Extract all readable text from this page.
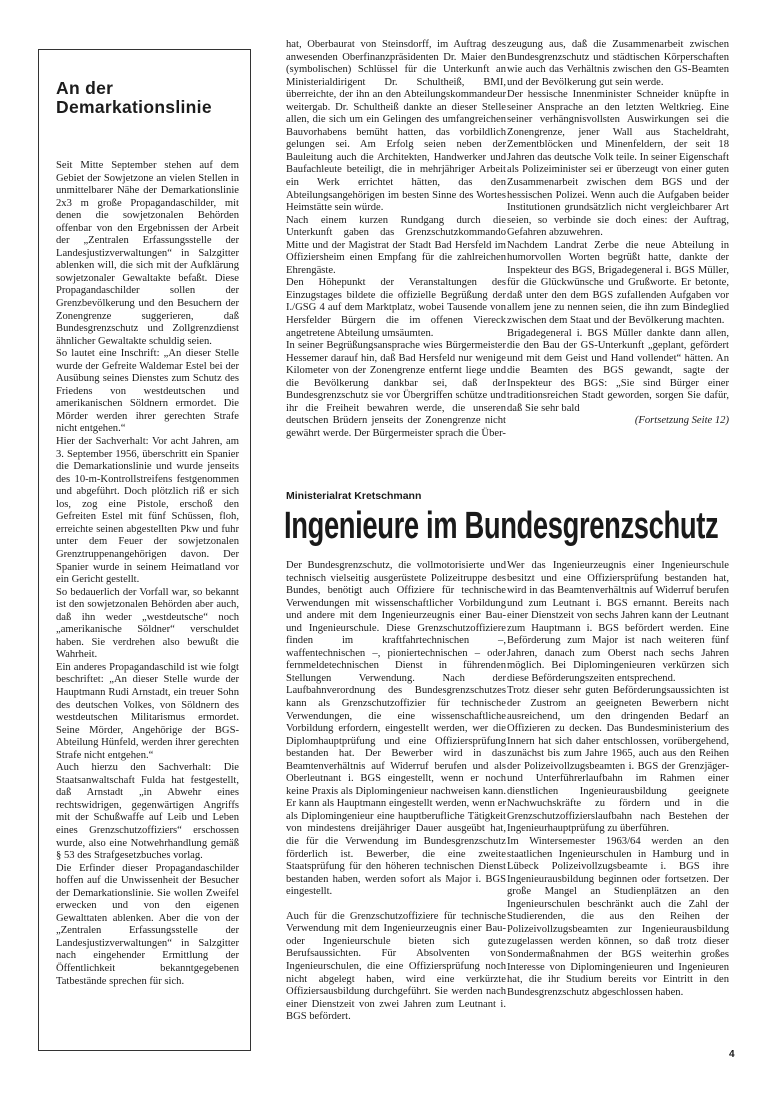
An der
Demarkationslinie

Seit Mitte September stehen auf dem Gebiet der Sowjetzone an vielen Stellen in unmittelbarer Nähe der Demarkationslinie 2x3 m große Propagandaschilder, mit denen die sowjetzonalen Behörden offenbar von den Ergebnissen der Arbeit der „Zentralen Erfassungsstelle der Landesjustizverwaltungen“ in Salzgitter ablenken will, die sich mit der Aufklärung sowjetzonaler Gewaltakte befaßt. Diese Propagandaschilder sollen der Grenzbevölkerung und den Besuchern der Zonengrenze suggerieren, daß Bundesgrenzschutz und Zollgrenzdienst ähnlicher Gewaltakte schuldig seien.

So lautet eine Inschrift: „An dieser Stelle wurde der Gefreite Waldemar Estel bei der Ausübung seines Dienstes zum Schutz des Friedens von westdeutschen und amerikanischen Söldnern ermordet. Die Mörder werden ihrer gerechten Strafe nicht entgehen.“

Hier der Sachverhalt: Vor acht Jahren, am 3. September 1956, überschritt ein Spanier die Demarkationslinie und wurde jenseits des 10-m-Kontrollstreifens festgenommen und abgeführt. Doch plötzlich riß er sich los, zog eine Pistole, erschoß den Gefreiten Estel mit fünf Schüssen, floh, erreichte seinen abgestellten Pkw und fuhr unter dem Feuer der sowjetzonalen Grenztruppenangehörigen davon. Der Spanier wurde in seinem Heimatland vor ein Gericht gestellt.

So bedauerlich der Vorfall war, so bekannt ist den sowjetzonalen Behörden aber auch, daß ihn weder „westdeutsche“ noch „amerikanische Söldner“ verschuldet haben. Sie verdrehen also bewußt die Wahrheit.

Ein anderes Propagandaschild ist wie folgt beschriftet: „An dieser Stelle wurde der Hauptmann Rudi Arnstadt, ein treuer Sohn des deutschen Volkes, von Söldnern des westdeutschen Militarismus ermordet. Seine Mörder, Angehörige der BGS-Abteilung Hünfeld, werden ihrer gerechten Strafe nicht entgehen.“

Auch hierzu den Sachverhalt: Die Staatsanwaltschaft Fulda hat festgestellt, daß Arnstadt „in Abwehr eines rechtswidrigen, gegenwärtigen Angriffs mit der Schußwaffe auf Leib und Leben eines Grenzschutzoffiziers“ erschossen wurde, also eine Notwehrhandlung gemäß § 53 des Strafgesetzbuches vorlag.

Die Erfinder dieser Propagandaschilder hoffen auf die Unwissenheit der Besucher der Demarkationslinie. Sie wollen Zweifel erwecken und von den eigenen Gewalttaten ablenken. Aber die von der „Zentralen Erfassungsstelle der Landesjustizverwaltungen“ in Salzgitter nach eingehender Ermittlung der Öffentlichkeit bekanntgegebenen Tatbestände sprechen für sich.

hat, Oberbaurat von Steinsdorff, im Auftrag des anwesenden Oberfinanzpräsidenten Dr. Maier den (symbolischen) Schlüssel für die Unterkunft an Ministerialdirigent Dr. Schultheiß, BMI, überreichte, der ihn an den Abteilungskommandeur weitergab. Dr. Schultheiß dankte an dieser Stelle allen, die sich um ein Gelingen des umfangreichen Bauvorhabens bemüht hatten, das vorbildlich gelungen sei. Am Erfolg seien neben der Bauleitung auch die Architekten, Handwerker und Baufachleute beteiligt, die in mehrjähriger Arbeit ein Werk errichtet hätten, das den Abteilungsangehörigen im besten Sinne des Wortes Heimstätte sein würde.

Nach einem kurzen Rundgang durch die Unterkunft gaben das Grenzschutzkommando Mitte und der Magistrat der Stadt Bad Hersfeld im Offiziersheim einen Empfang für die zahlreichen Ehrengäste.

Den Höhepunkt der Veranstaltungen des Einzugstages bildete die offizielle Begrüßung der I./GSG 4 auf dem Marktplatz, wobei Tausende von Hersfelder Bürgern die im offenen Viereck angetretene Abteilung umsäumten.

In seiner Begrüßungsansprache wies Bürgermeister Hessemer darauf hin, daß Bad Hersfeld nur wenige Kilometer von der Zonengrenze entfernt liege und die Bevölkerung dankbar sei, daß der Bundesgrenzschutz sie vor Übergriffen schütze und ihr die Freiheit bewahren werde, die unseren deutschen Brüdern jenseits der Zonengrenze nicht gewährt werde. Der Bürgermeister sprach die Über-

zeugung aus, daß die Zusammenarbeit zwischen Bundesgrenzschutz und städtischen Körperschaften wie auch das Verhältnis zwischen den GS-Beamten und der Bevölkerung gut sein werde.

Der hessische Innenminister Schneider knüpfte in seiner Ansprache an den letzten Weltkrieg. Eine seiner verhängnisvollsten Auswirkungen sei die Zonengrenze, jener Wall aus Stacheldraht, Zementblöcken und Minenfeldern, der seit 18 Jahren das deutsche Volk teile. In seiner Eigenschaft als Polizeiminister sei er überzeugt von einer guten Zusammenarbeit zwischen dem BGS und der hessischen Polizei. Wenn auch die Aufgaben beider Institutionen grundsätzlich nicht vergleichbarer Art seien, so verbinde sie doch eines: der Auftrag, Gefahren abzuwehren.

Nachdem Landrat Zerbe die neue Abteilung in humorvollen Worten begrüßt hatte, dankte der Inspekteur des BGS, Brigadegeneral i. BGS Müller, für die Glückwünsche und Grußworte. Er betonte, daß unter den dem BGS zufallenden Aufgaben vor allem jene zu nennen seien, die ihn zum Bindeglied zwischen dem Staat und der Bevölkerung machten.

Brigadegeneral i. BGS Müller dankte dann allen, die den Bau der GS-Unterkunft „geplant, gefördert und mit dem Geist und Hand vollendet“ hätten. An die Beamten des BGS gewandt, sagte der Inspekteur des BGS: „Sie sind Bürger einer traditionsreichen Stadt geworden, sorgen Sie dafür, daß Sie sehr bald

(Fortsetzung Seite 12)

Ministerialrat Kretschmann

Ingenieure im Bundesgrenzschutz

Der Bundesgrenzschutz, die vollmotorisierte und technisch vielseitig ausgerüstete Polizeitruppe des Bundes, benötigt auch Offiziere für technische Verwendungen mit wissenschaftlicher Vorbildung und andere mit dem Ingenieurzeugnis einer Bau- und Ingenieurschule. Diese Grenzschutzoffiziere finden im kraftfahrtechnischen –, waffentechnischen –, pioniertechnischen – oder fernmeldetechnischen Dienst in führenden Stellungen Verwendung. Nach der Laufbahnverordnung des Bundesgrenzschutzes kann als Grenzschutzoffizier für technische Verwendungen, die eine wissenschaftliche Vorbildung erfordern, eingestellt werden, wer die Diplomhauptprüfung und eine Offiziersprüfung bestanden hat. Der Bewerber wird in das Beamtenverhältnis auf Widerruf berufen und als Oberleutnant i. BGS eingestellt, wenn er noch keine Praxis als Diplomingenieur nachweisen kann. Er kann als Hauptmann eingestellt werden, wenn er als Diplomingenieur eine hauptberufliche Tätigkeit von mindestens dreijähriger Dauer ausgeübt hat, die für die Verwendung im Bundesgrenzschutz förderlich ist. Bewerber, die eine zweite Staatsprüfung für den höheren technischen Dienst bestanden haben, werden sofort als Major i. BGS eingestellt.

Auch für die Grenzschutzoffiziere für technische Verwendung mit dem Ingenieurzeugnis einer Bau- oder Ingenieurschule bieten sich gute Berufsaussichten. Für Absolventen von Ingenieurschulen, die eine Offiziersprüfung noch nicht abgelegt haben, wird eine verkürzte Offiziersausbildung durchgeführt. Sie werden nach einer Dienstzeit von zwei Jahren zum Leutnant i. BGS befördert.

Wer das Ingenieurzeugnis einer Ingenieurschule besitzt und eine Offiziersprüfung bestanden hat, wird in das Beamtenverhältnis auf Widerruf berufen und zum Leutnant i. BGS ernannt. Bereits nach einer Dienstzeit von sechs Jahren kann der Leutnant zum Hauptmann i. BGS befördert werden. Eine Beförderung zum Major ist nach weiteren fünf Jahren, danach zum Oberst nach sechs Jahren möglich. Bei Diplomingenieuren verkürzen sich diese Beförderungszeiten entsprechend.

Trotz dieser sehr guten Beförderungsaussichten ist der Zustrom an geeigneten Bewerbern nicht ausreichend, um den dringenden Bedarf an Offizieren zu decken. Das Bundesministerium des Innern hat sich daher entschlossen, vorübergehend, zunächst bis zum Jahre 1965, auch aus den Reihen der Polizeivollzugsbeamten i. BGS der Grenzjäger- und Unterführerlaufbahn im Rahmen einer dienstlichen Ingenieurausbildung geeignete Nachwuchskräfte zu fördern und in die Grenzschutzoffizierslaufbahn nach Bestehen der Ingenieurhauptprüfung zu überführen.

Im Wintersemester 1963/64 werden an den staatlichen Ingenieurschulen in Hamburg und in Lübeck Polizeivollzugsbeamte i. BGS ihre Ingenieurausbildung beginnen oder fortsetzen. Der große Mangel an Studienplätzen an den Ingenieurschulen beschränkt auch die Zahl der Studierenden, die aus den Reihen der Polizeivollzugsbeamten zur Ingenieurausbildung zugelassen werden können, so daß trotz dieser Sondermaßnahmen der BGS weiterhin großes Interesse von Diplomingenieuren und Ingenieuren hat, die ihr Studium bereits vor Eintritt in den Bundesgrenzschutz abgeschlossen haben.

4
